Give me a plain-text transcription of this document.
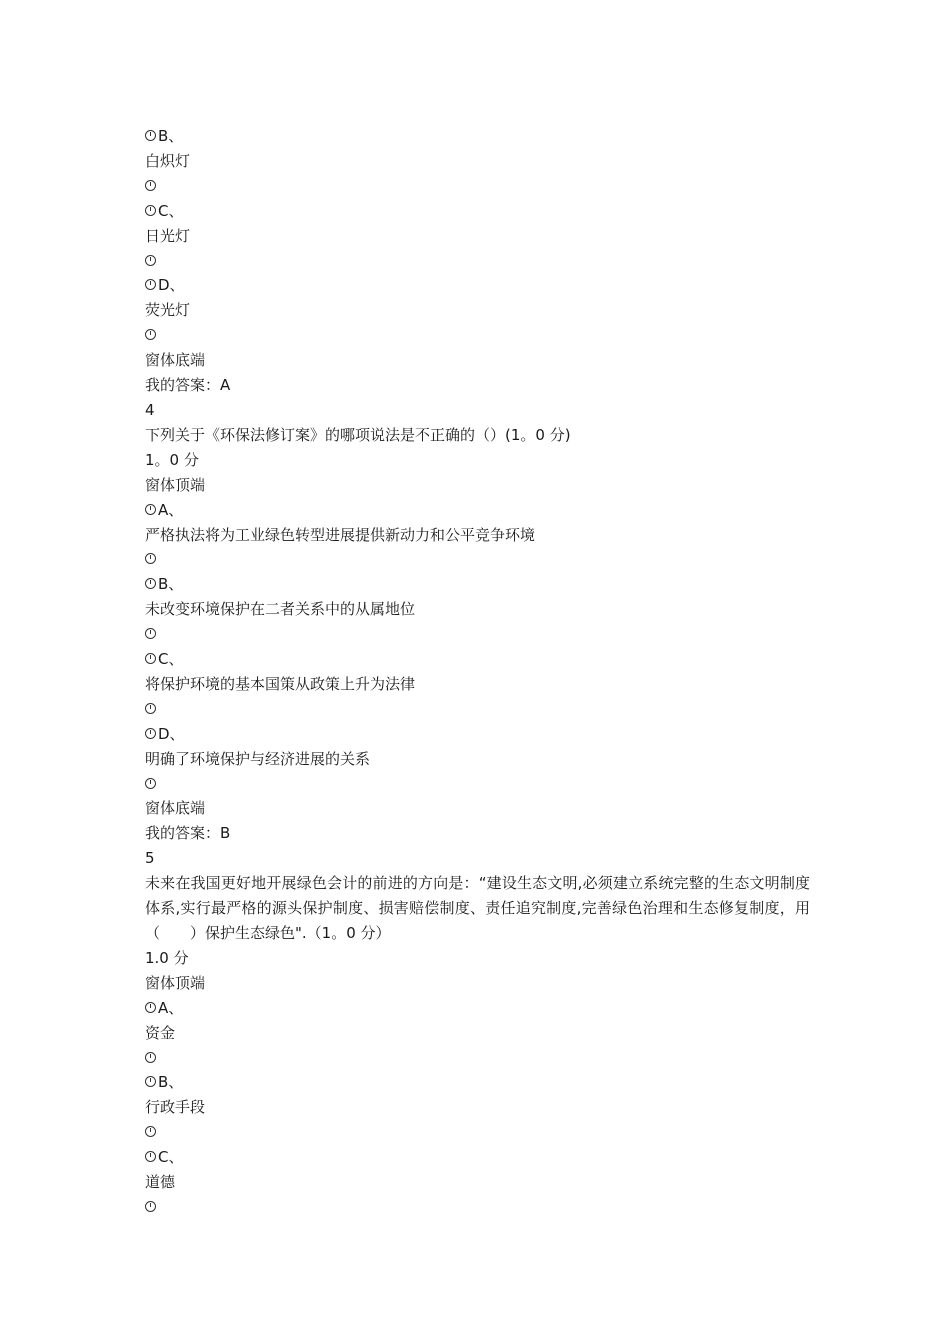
B、
白炽灯
C、
日光灯
D、
荧光灯
窗体底端
我的答案：A
4
下列关于《环保法修订案》的哪项说法是不正确的（）(1。0 分)
1。0 分
窗体顶端
A、
严格执法将为工业绿色转型进展提供新动力和公平竞争环境
B、
未改变环境保护在二者关系中的从属地位
C、
将保护环境的基本国策从政策上升为法律
D、
明确了环境保护与经济进展的关系
窗体底端
我的答案：B
5
未来在我国更好地开展绿色会计的前进的方向是：“建设生态文明,必须建立系统完整的生态文明制度体系,实行最严格的源头保护制度、损害赔偿制度、责任追究制度,完善绿色治理和生态修复制度，用（　　）保护生态绿色".（1。0 分）
1.0 分
窗体顶端
A、
资金
B、
行政手段
C、
道德
